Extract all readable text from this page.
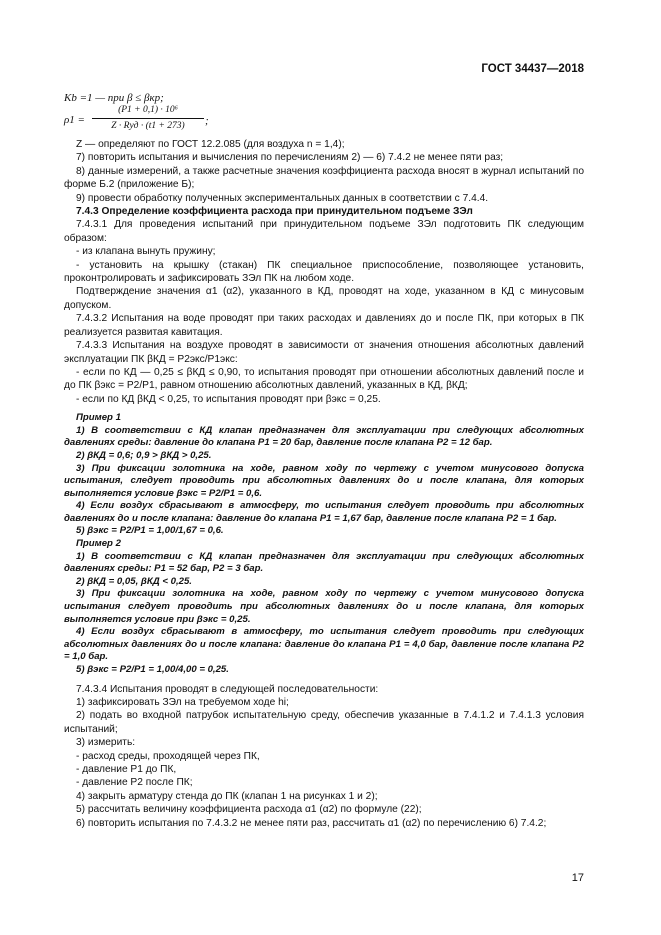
ГОСТ 34437—2018
Kb =1 — при β ≤ βкр;
ρ1 =
(P1 + 0,1) · 10⁶
Z · Rуд · (t1 + 273)	;
Z — определяют по ГОСТ 12.2.085 (для воздуха n = 1,4);
7) повторить испытания и вычисления по перечислениям 2) — 6) 7.4.2 не менее пяти раз;
8) данные измерений, а также расчетные значения коэффициента расхода вносят в журнал испытаний по форме Б.2 (приложение Б);
9) провести обработку полученных экспериментальных данных в соответствии с 7.4.4.
7.4.3 Определение коэффициента расхода при принудительном подъеме ЗЭл
7.4.3.1 Для проведения испытаний при принудительном подъеме ЗЭл подготовить ПК следующим образом:
- из клапана вынуть пружину;
- установить на крышку (стакан) ПК специальное приспособление, позволяющее установить, проконтролировать и зафиксировать ЗЭл ПК на любом ходе.
Подтверждение значения α1 (α2), указанного в КД, проводят на ходе, указанном в КД с минусовым допуском.
7.4.3.2 Испытания на воде проводят при таких расходах и давлениях до и после ПК, при которых в ПК реализуется развитая кавитация.
7.4.3.3 Испытания на воздухе проводят в зависимости от значения отношения абсолютных давлений эксплуатации ПК βКД = P2экс/P1экс:
- если по КД — 0,25 ≤ βКД ≤ 0,90, то испытания проводят при отношении абсолютных давлений после и до ПК βэкс = P2/P1, равном отношению абсолютных давлений, указанных в КД, βКД;
- если по КД βКД < 0,25, то испытания проводят при βэкс = 0,25.
Пример 1
1) В соответствии с КД клапан предназначен для эксплуатации при следующих абсолютных давлениях среды: давление до клапана P1 = 20 бар, давление после клапана P2 = 12 бар.
2) βКД = 0,6; 0,9 > βКД > 0,25.
3) При фиксации золотника на ходе, равном ходу по чертежу с учетом минусового допуска испытания, следует проводить при абсолютных давлениях до и после клапана, для которых выполняется условие βэкс = P2/P1 = 0,6.
4) Если воздух сбрасывают в атмосферу, то испытания следует проводить при абсолютных давлениях до и после клапана: давление до клапана P1 = 1,67 бар, давление после клапана P2 = 1 бар.
5) βэкс = P2/P1 = 1,00/1,67 = 0,6.
Пример 2
1) В соответствии с КД клапан предназначен для эксплуатации при следующих абсолютных давлениях среды: P1 = 52 бар, P2 = 3 бар.
2) βКД = 0,05, βКД < 0,25.
3) При фиксации золотника на ходе, равном ходу по чертежу с учетом минусового допуска испытания следует проводить при абсолютных давлениях до и после клапана, для которых выполняется условие при βэкс = 0,25.
4) Если воздух сбрасывают в атмосферу, то испытания следует проводить при следующих абсолютных давлениях до и после клапана: давление до клапана P1 = 4,0 бар, давление после клапана P2 = 1,0 бар.
5) βэкс = P2/P1 = 1,00/4,00 = 0,25.
7.4.3.4 Испытания проводят в следующей последовательности:
1) зафиксировать ЗЭл на требуемом ходе hi;
2) подать во входной патрубок испытательную среду, обеспечив указанные в 7.4.1.2 и 7.4.1.3 условия испытаний;
3) измерить:
- расход среды, проходящей через ПК,
- давление P1 до ПК,
- давление P2 после ПК;
4) закрыть арматуру стенда до ПК (клапан 1 на рисунках 1 и 2);
5) рассчитать величину коэффициента расхода α1 (α2) по формуле (22);
6) повторить испытания по 7.4.3.2 не менее пяти раз, рассчитать α1 (α2) по перечислению 6) 7.4.2;
17
